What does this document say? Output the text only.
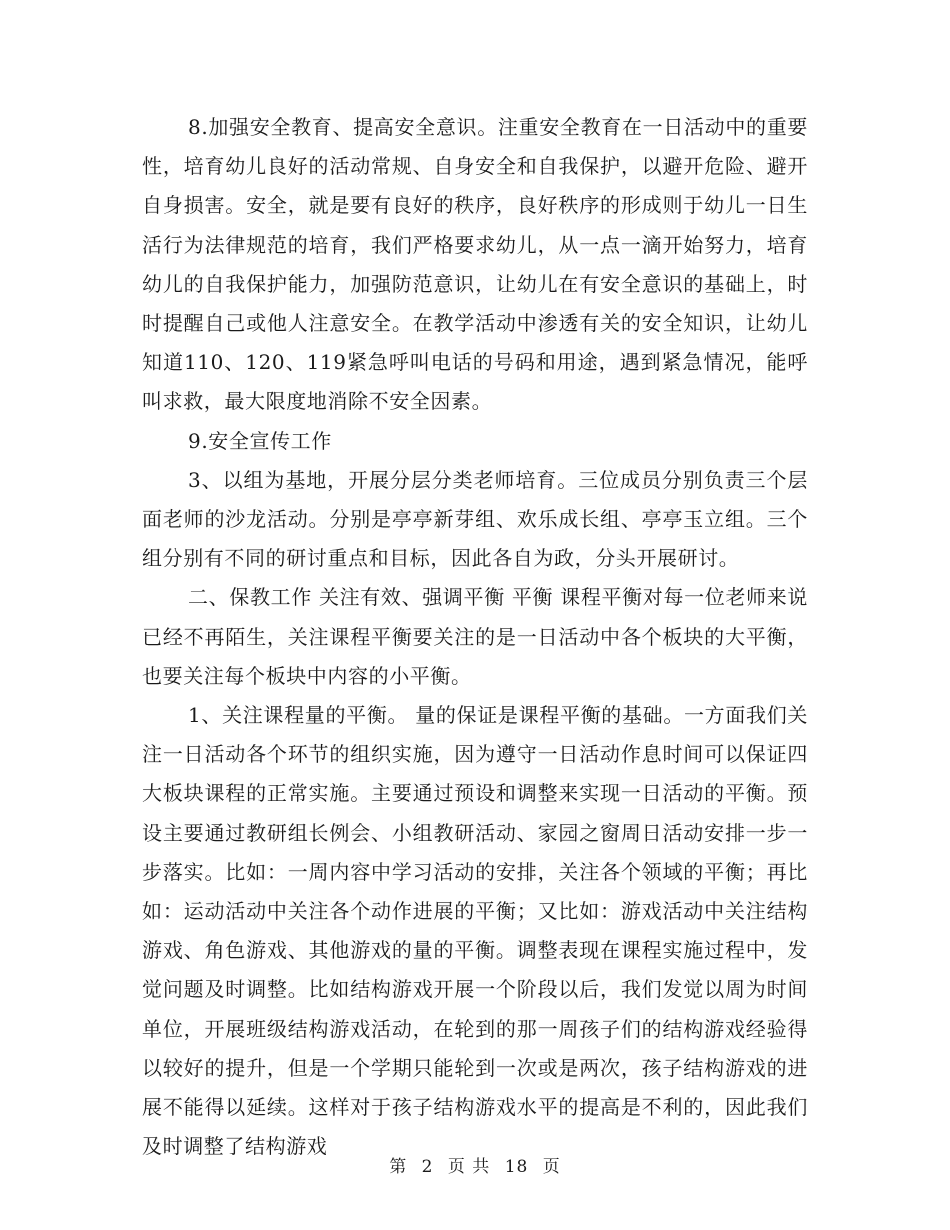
8.加强安全教育、提高安全意识。注重安全教育在一日活动中的重要性，培育幼儿良好的活动常规、自身安全和自我保护，以避开危险、避开自身损害。安全，就是要有良好的秩序，良好秩序的形成则于幼儿一日生活行为法律规范的培育，我们严格要求幼儿，从一点一滴开始努力，培育幼儿的自我保护能力，加强防范意识，让幼儿在有安全意识的基础上，时时提醒自己或他人注意安全。在教学活动中渗透有关的安全知识，让幼儿知道110、120、119紧急呼叫电话的号码和用途，遇到紧急情况，能呼叫求救，最大限度地消除不安全因素。

9.安全宣传工作

3、以组为基地，开展分层分类老师培育。三位成员分别负责三个层面老师的沙龙活动。分别是亭亭新芽组、欢乐成长组、亭亭玉立组。三个组分别有不同的研讨重点和目标，因此各自为政，分头开展研讨。

二、保教工作 关注有效、强调平衡 平衡 课程平衡对每一位老师来说已经不再陌生，关注课程平衡要关注的是一日活动中各个板块的大平衡，也要关注每个板块中内容的小平衡。

1、关注课程量的平衡。 量的保证是课程平衡的基础。一方面我们关注一日活动各个环节的组织实施，因为遵守一日活动作息时间可以保证四大板块课程的正常实施。主要通过预设和调整来实现一日活动的平衡。预设主要通过教研组长例会、小组教研活动、家园之窗周日活动安排一步一步落实。比如：一周内容中学习活动的安排，关注各个领域的平衡；再比如：运动活动中关注各个动作进展的平衡；又比如：游戏活动中关注结构游戏、角色游戏、其他游戏的量的平衡。调整表现在课程实施过程中，发觉问题及时调整。比如结构游戏开展一个阶段以后，我们发觉以周为时间单位，开展班级结构游戏活动，在轮到的那一周孩子们的结构游戏经验得以较好的提升，但是一个学期只能轮到一次或是两次，孩子结构游戏的进展不能得以延续。这样对于孩子结构游戏水平的提高是不利的，因此我们及时调整了结构游戏

第 2 页 共 18 页
